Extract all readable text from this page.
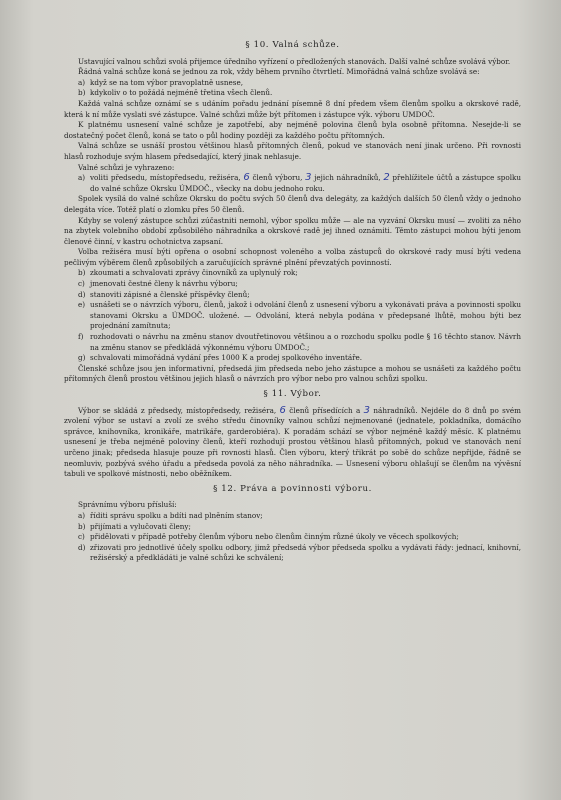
§ 10. Valná schůze.

Ustavující valnou schůzi svolá přijemce úředního vyřízení o předložených stanovách. Další valné schůze svolává výbor.

Řádná valná schůze koná se jednou za rok, vždy během prvního čtvrtletí. Mimořádná valná schůze svolává se:

a) když se na tom výbor pravoplatně usnese,
b) kdykoliv o to požádá nejméně třetina všech členů.

Každá valná schůze oznámí se s udáním pořadu jednání písemně 8 dní předem všem členům spolku a okrskové radě, která k ní může vyslati své zástupce. Valné schůzi může být přítomen i zástupce výk. výboru UMDOČ.

K platnému usnesení valné schůze je zapotřebí, aby nejméně polovina členů byla osobně přítomna. Nesejde-li se dostatečný počet členů, koná se tato o půl hodiny později za každého počtu přítomných.

Valná schůze se usnáší prostou většinou hlasů přítomných členů, pokud ve stanovách není jinak určeno. Při rovnosti hlasů rozhoduje svým hlasem předsedající, který jinak nehlasuje.

Valné schůzi je vyhrazeno:

a) voliti předsedu, místopředsedu, režiséra, 6 členů výboru, 3 jejich náhradníků, 2 přehlížitele účtů a zástupce spolku do valné schůze Okrsku ÚMDOČ., všecky na dobu jednoho roku.

Spolek vysílá do valné schůze Okrsku do počtu svých 50 členů dva delegáty, za každých dalších 50 členů vždy o jednoho delegáta více. Totéž platí o zlomku přes 50 členů.

Kdyby se volený zástupce schůzi zúčastniti nemohl, výbor spolku může — ale na vyzvání Okrsku musí — zvoliti za něho na zbytek volebního období způsobilého náhradníka a okrskové radě jej ihned oznámiti. Těmto zástupci mohou býti jenom členové činní, v kastru ochotnictva zapsaní.

Volba režiséra musí býti opřena o osobní schopnost voleného a volba zástupců do okrskové rady musí býti vedena pečlivým výběrem členů způsobilých a zaručujících správné plnění převzatých povinností.

b) zkoumati a schvalovati zprávy činovníků za uplynulý rok;
c) jmenovati čestné členy k návrhu výboru;
d) stanoviti zápisné a členské příspěvky členů;
e) usnášeti se o návrzích výboru, členů, jakož i odvolání členů z usnesení výboru a vykonávati práva a povinnosti spolku stanovami Okrsku a ÚMDOČ. uložené. — Odvolání, která nebyla podána v předepsané lhůtě, mohou býti bez projednání zamítnuta;
f) rozhodovati o návrhu na změnu stanov dvoutřetinovou většinou a o rozchodu spolku podle § 16 těchto stanov. Návrh na změnu stanov se předkládá výkonnému výboru ÚMDOČ.;
g) schvalovati mimořádná vydání přes 1000 K a prodej spolkového inventáře.

Členské schůze jsou jen informativní, předsedá jim předseda nebo jeho zástupce a mohou se usnášeti za každého počtu přítomných členů prostou většinou jejich hlasů o návrzích pro výbor nebo pro valnou schůzi spolku.

§ 11. Výbor.

Výbor se skládá z předsedy, místopředsedy, režiséra, 6 členů přísedících a 3 náhradníků. Nejdéle do 8 dnů po svém zvolení výbor se ustaví a zvolí ze svého středu činovníky valnou schůzí nejmenované (jednatele, pokladníka, domácího správce, knihovníka, kronikáře, matrikáře, garderobiéra). K poradám schází se výbor nejméně každý měsíc. K platnému usnesení je třeba nejméně poloviny členů, kteří rozhodují prostou většinou hlasů přítomných, pokud ve stanovách není určeno jinak; předseda hlasuje pouze při rovnosti hlasů. Člen výboru, který třikrát po sobě do schůze nepřijde, řádně se neomluviv, pozbývá svého úřadu a předseda povolá za něho náhradníka. — Usnesení výboru ohlašují se členům na vývěsní tabuli ve spolkové místnosti, nebo oběžníkem.

§ 12. Práva a povinnosti výboru.

Správnímu výboru přísluší:

a) říditi správu spolku a bdíti nad plněním stanov;
b) přijímati a vylučovati členy;
c) přidělovati v případě potřeby členům výboru nebo členům činným různé úkoly ve věcech spolkových;
d) zřizovati pro jednotlivé účely spolku odbory, jimž předsedá výbor předseda spolku a vydávati řády: jednací, knihovní, režisérský a předkládáti je valné schůzi ke schválení;
